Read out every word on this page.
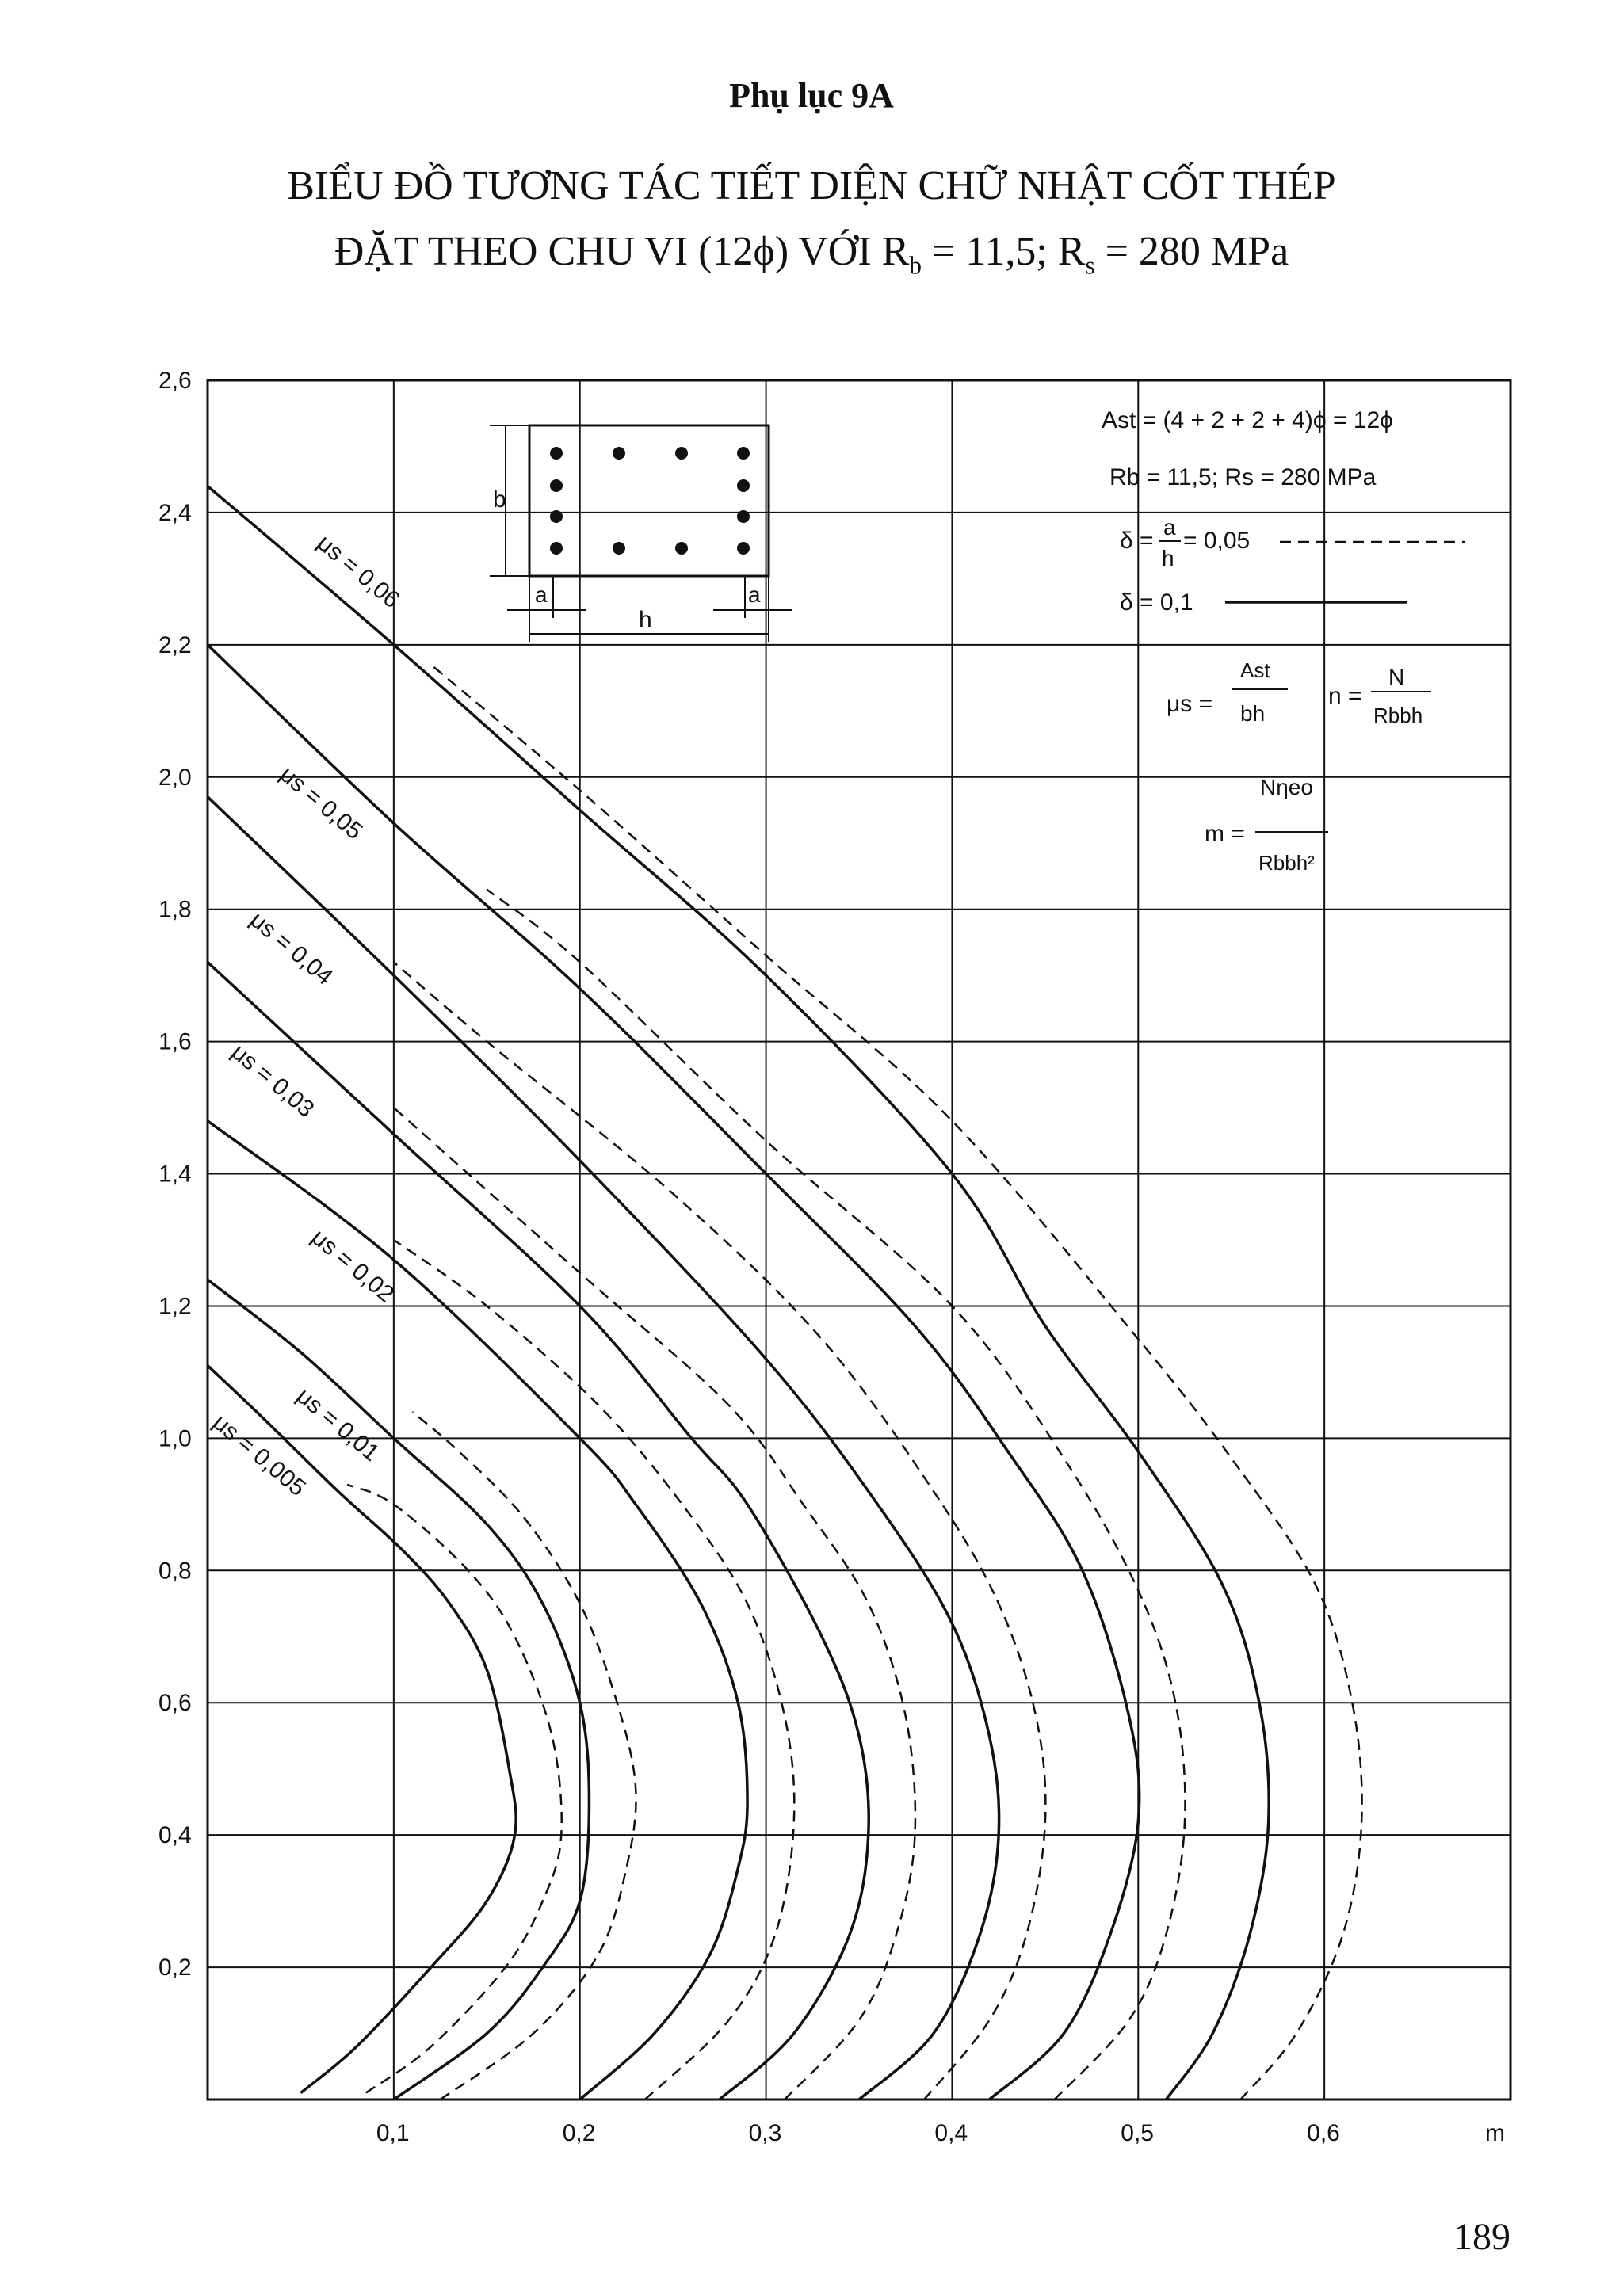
Phụ lục 9A
BIỂU ĐỒ TƯƠNG TÁC TIẾT DIỆN CHỮ NHẬT CỐT THÉP
ĐẶT THEO CHU VI (12ϕ) VỚI $R_b = 11,5$; $R_s = 280$ MPa
0,1	0,2	0,3	0,4	0,5	0,6
0,2
0,4
0,6
0,8
1,0
1,2
1,4
1,6
1,8
2,0
2,2
2,4
2,6
μs = 0,06
μs = 0,05
μs = 0,04
μs = 0,03
μs = 0,02
μs = 0,01
μs = 0,005
b
h
a	a
Ast = (4 + 2 + 2 + 4)ϕ = 12ϕ
Rb = 11,5; Rs = 280 MPa
δ =
a
h
= 0,05
δ = 0,1
μs =
Ast
bh
n =
N
Rbbh
m =
Nηeo
Rbbh²
m
189
